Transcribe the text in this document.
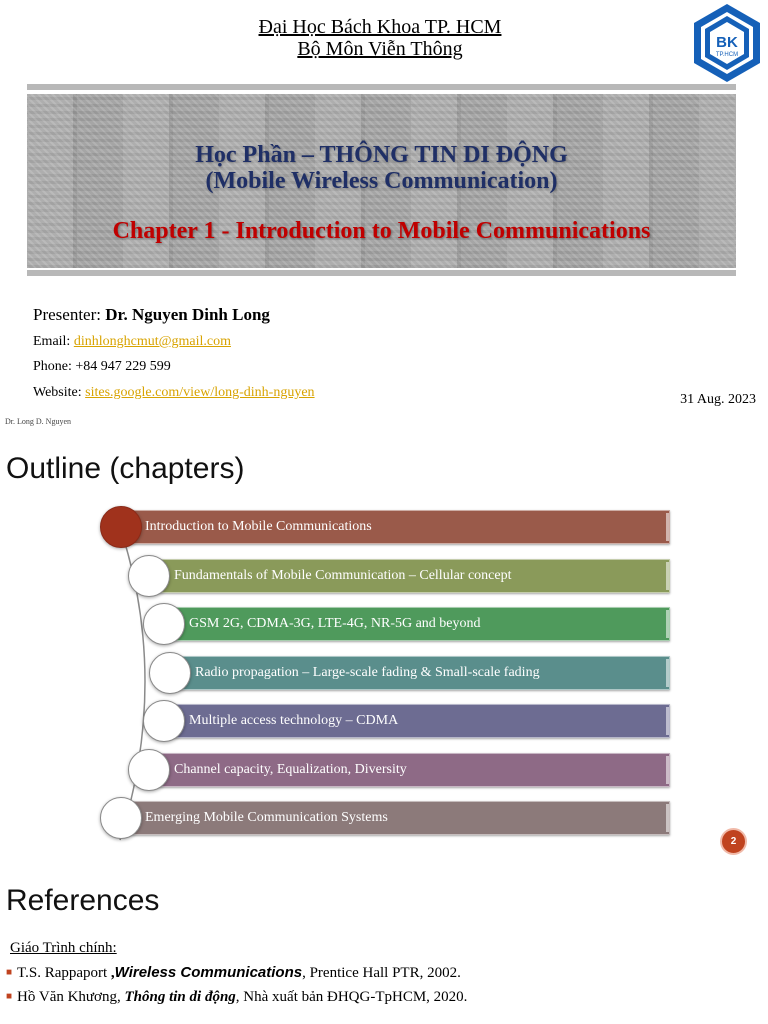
Đại Học Bách Khoa TP. HCM
Bộ Môn Viễn Thông	BK
TP.HCM
Học Phần – THÔNG TIN DI ĐỘNG
(Mobile Wireless Communication)
Chapter 1 - Introduction to Mobile Communications
Presenter: Dr. Nguyen Dinh Long
Email: dinhlonghcmut@gmail.com
Phone: +84 947 229 599
Website: sites.google.com/view/long-dinh-nguyen	31 Aug. 2023
Dr. Long D. Nguyen
Outline (chapters)
Introduction to Mobile Communications
Fundamentals of Mobile Communication – Cellular concept
GSM 2G, CDMA-3G, LTE-4G, NR-5G and beyond
Radio propagation – Large-scale fading & Small-scale fading
Multiple access technology – CDMA
Channel capacity, Equalization, Diversity
Emerging Mobile Communication Systems
2
References
Giáo Trình chính:
■ T.S. Rappaport ,Wireless Communications, Prentice Hall PTR, 2002.
■ Hồ Văn Khương, Thông tin di động, Nhà xuất bản ĐHQG-TpHCM, 2020.
